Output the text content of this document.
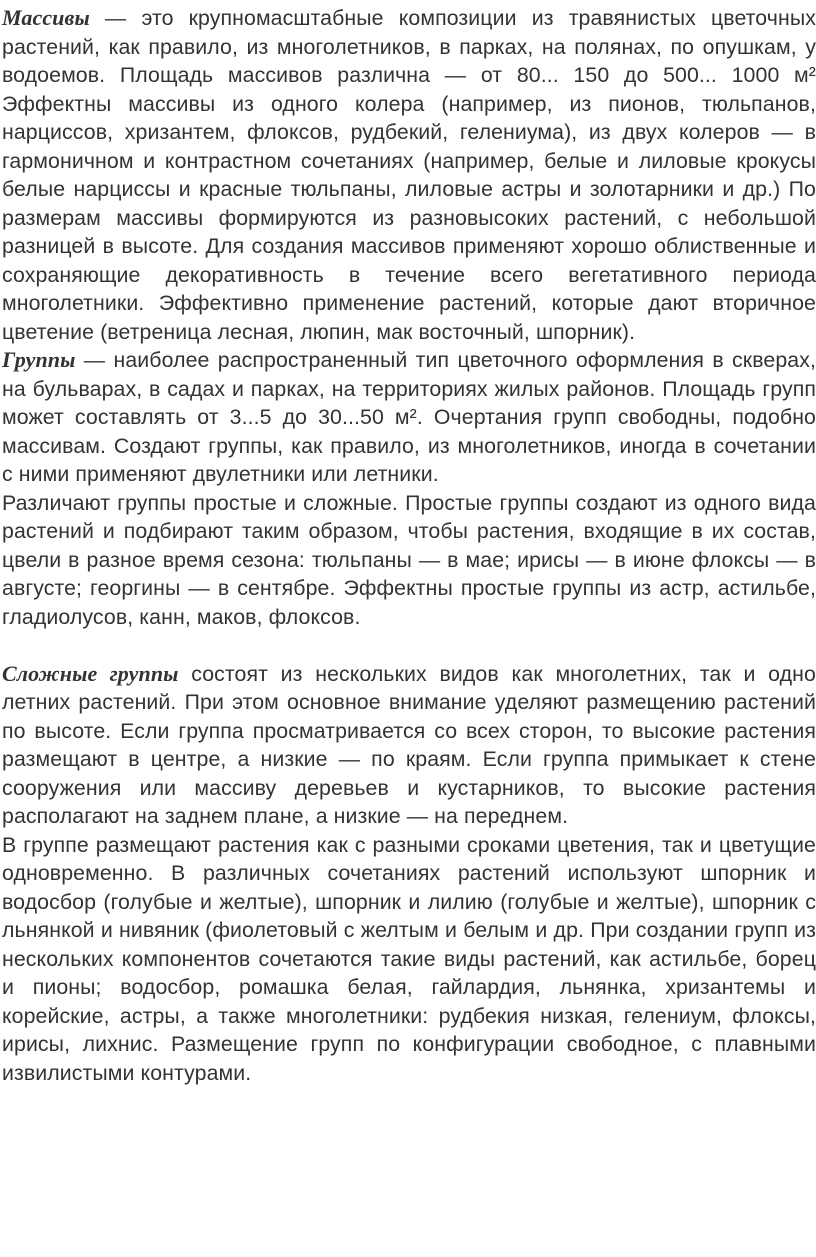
Массивы — это крупномасштабные композиции из травянистых цветочных растений, как правило, из многолетников, в парках, на полянах, по опушкам, у водоемов. Площадь массивов различна — от 80... 150 до 500... 1000 м² Эффектны массивы из одного колера (например, из пионов, тюльпанов, нарциссов, хризантем, флоксов, рудбекий, гелениума), из двух колеров — в гармоничном и контрастном сочетаниях (например, белые и лиловые крокусы белые нарциссы и красные тюльпаны, лиловые астры и золотарники и др.) По размерам массивы формируются из разновысоких растений, с небольшой разницей в высоте. Для создания массивов применяют хорошо облиственные и сохраняющие декоративность в течение всего вегетативного периода многолетники. Эффективно применение растений, которые дают вторичное цветение (ветреница лесная, люпин, мак восточный, шпорник).

Группы — наиболее распространенный тип цветочного оформления в скверах, на бульварах, в садах и парках, на территориях жилых районов. Площадь групп может составлять от 3...5 до 30...50 м². Очертания групп свободны, подобно массивам. Создают группы, как правило, из многолетников, иногда в сочетании с ними применяют двулетники или летники.

Различают группы простые и сложные. Простые группы создают из одного вида растений и подбирают таким образом, чтобы растения, входящие в их состав, цвели в разное время сезона: тюльпаны — в мае; ирисы — в июне флоксы — в августе; георгины — в сентябре. Эффектны простые группы из астр, астильбе, гладиолусов, канн, маков, флоксов.

Сложные группы состоят из нескольких видов как многолетних, так и одно летних растений. При этом основное внимание уделяют размещению растений по высоте. Если группа просматривается со всех сторон, то высокие растения размещают в центре, а низкие — по краям. Если группа примыкает к стене сооружения или массиву деревьев и кустарников, то высокие растения располагают на заднем плане, а низкие — на переднем.

В группе размещают растения как с разными сроками цветения, так и цветущие одновременно. В различных сочетаниях растений используют шпорник и водосбор (голубые и желтые), шпорник и лилию (голубые и желтые), шпорник с льнянкой и нивяник (фиолетовый с желтым и белым и др. При создании групп из нескольких компонентов сочетаются такие виды растений, как астильбе, борец и пионы; водосбор, ромашка белая, гайлардия, льнянка, хризантемы и корейские, астры, а также многолетники: рудбекия низкая, гелениум, флоксы, ирисы, лихнис. Размещение групп по конфигурации свободное, с плавными извилистыми контурами.
